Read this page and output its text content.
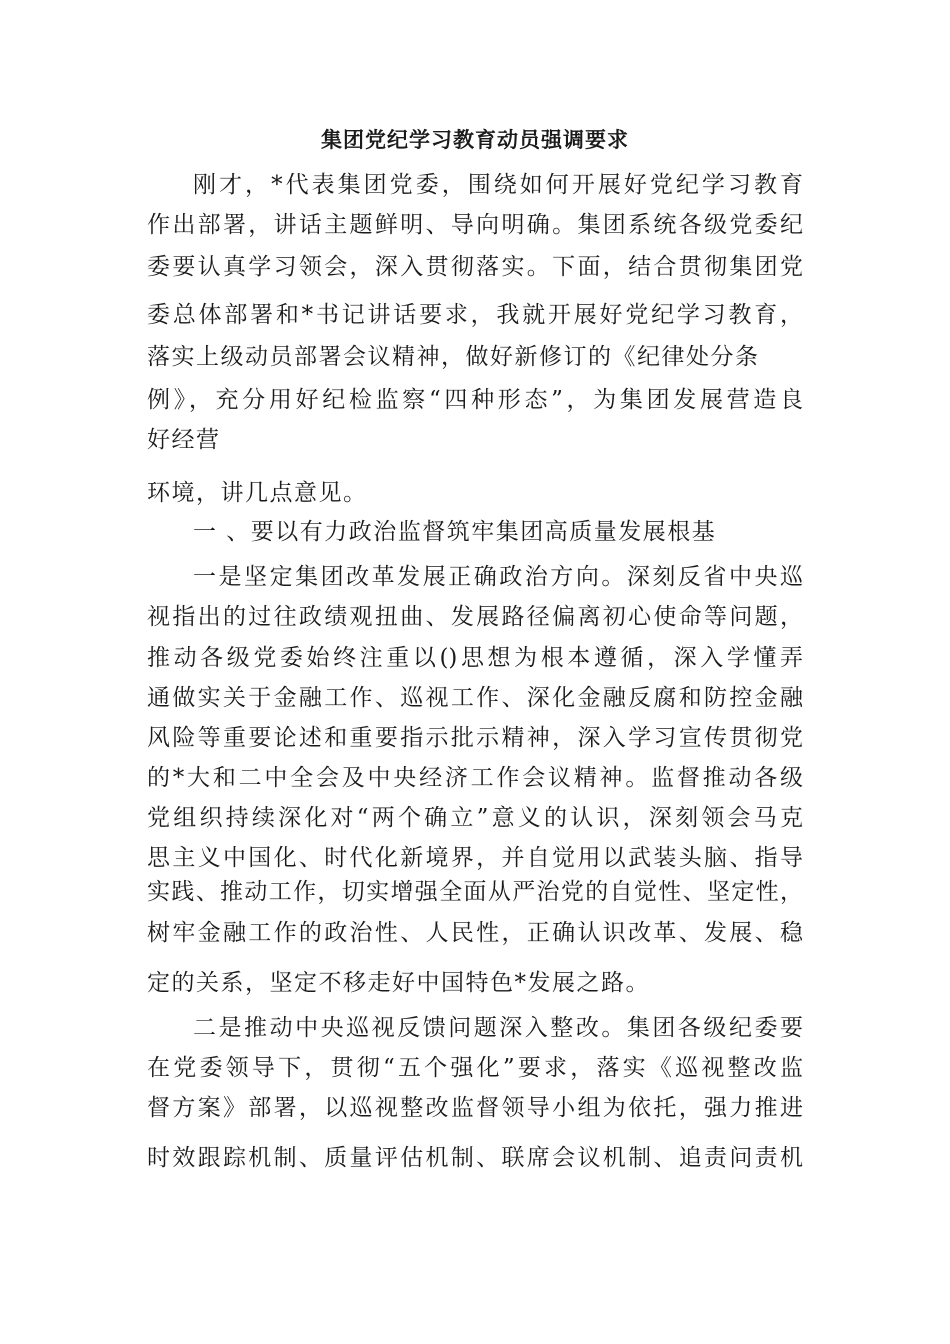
集团党纪学习教育动员强调要求
刚才，*代表集团党委，围绕如何开展好党纪学习教育
作出部署，讲话主题鲜明、导向明确。集团系统各级党委纪
委要认真学习领会，深入贯彻落实。下面，结合贯彻集团党
委总体部署和*书记讲话要求，我就开展好党纪学习教育，
落实上级动员部署会议精神，做好新修订的《纪律处分条
例》，充分用好纪检监察“四种形态”，为集团发展营造良
好经营
环境，讲几点意见。
一 、要以有力政治监督筑牢集团高质量发展根基
一是坚定集团改革发展正确政治方向。深刻反省中央巡
视指出的过往政绩观扭曲、发展路径偏离初心使命等问题，
推动各级党委始终注重以()思想为根本遵循，深入学懂弄
通做实关于金融工作、巡视工作、深化金融反腐和防控金融
风险等重要论述和重要指示批示精神，深入学习宣传贯彻党
的*大和二中全会及中央经济工作会议精神。监督推动各级
党组织持续深化对“两个确立”意义的认识，深刻领会马克
思主义中国化、时代化新境界，并自觉用以武装头脑、指导
实践、推动工作，切实增强全面从严治党的自觉性、坚定性，
树牢金融工作的政治性、人民性，正确认识改革、发展、稳
定的关系，坚定不移走好中国特色*发展之路。
二是推动中央巡视反馈问题深入整改。集团各级纪委要
在党委领导下，贯彻“五个强化”要求，落实《巡视整改监
督方案》部署，以巡视整改监督领导小组为依托，强力推进
时效跟踪机制、质量评估机制、联席会议机制、追责问责机
